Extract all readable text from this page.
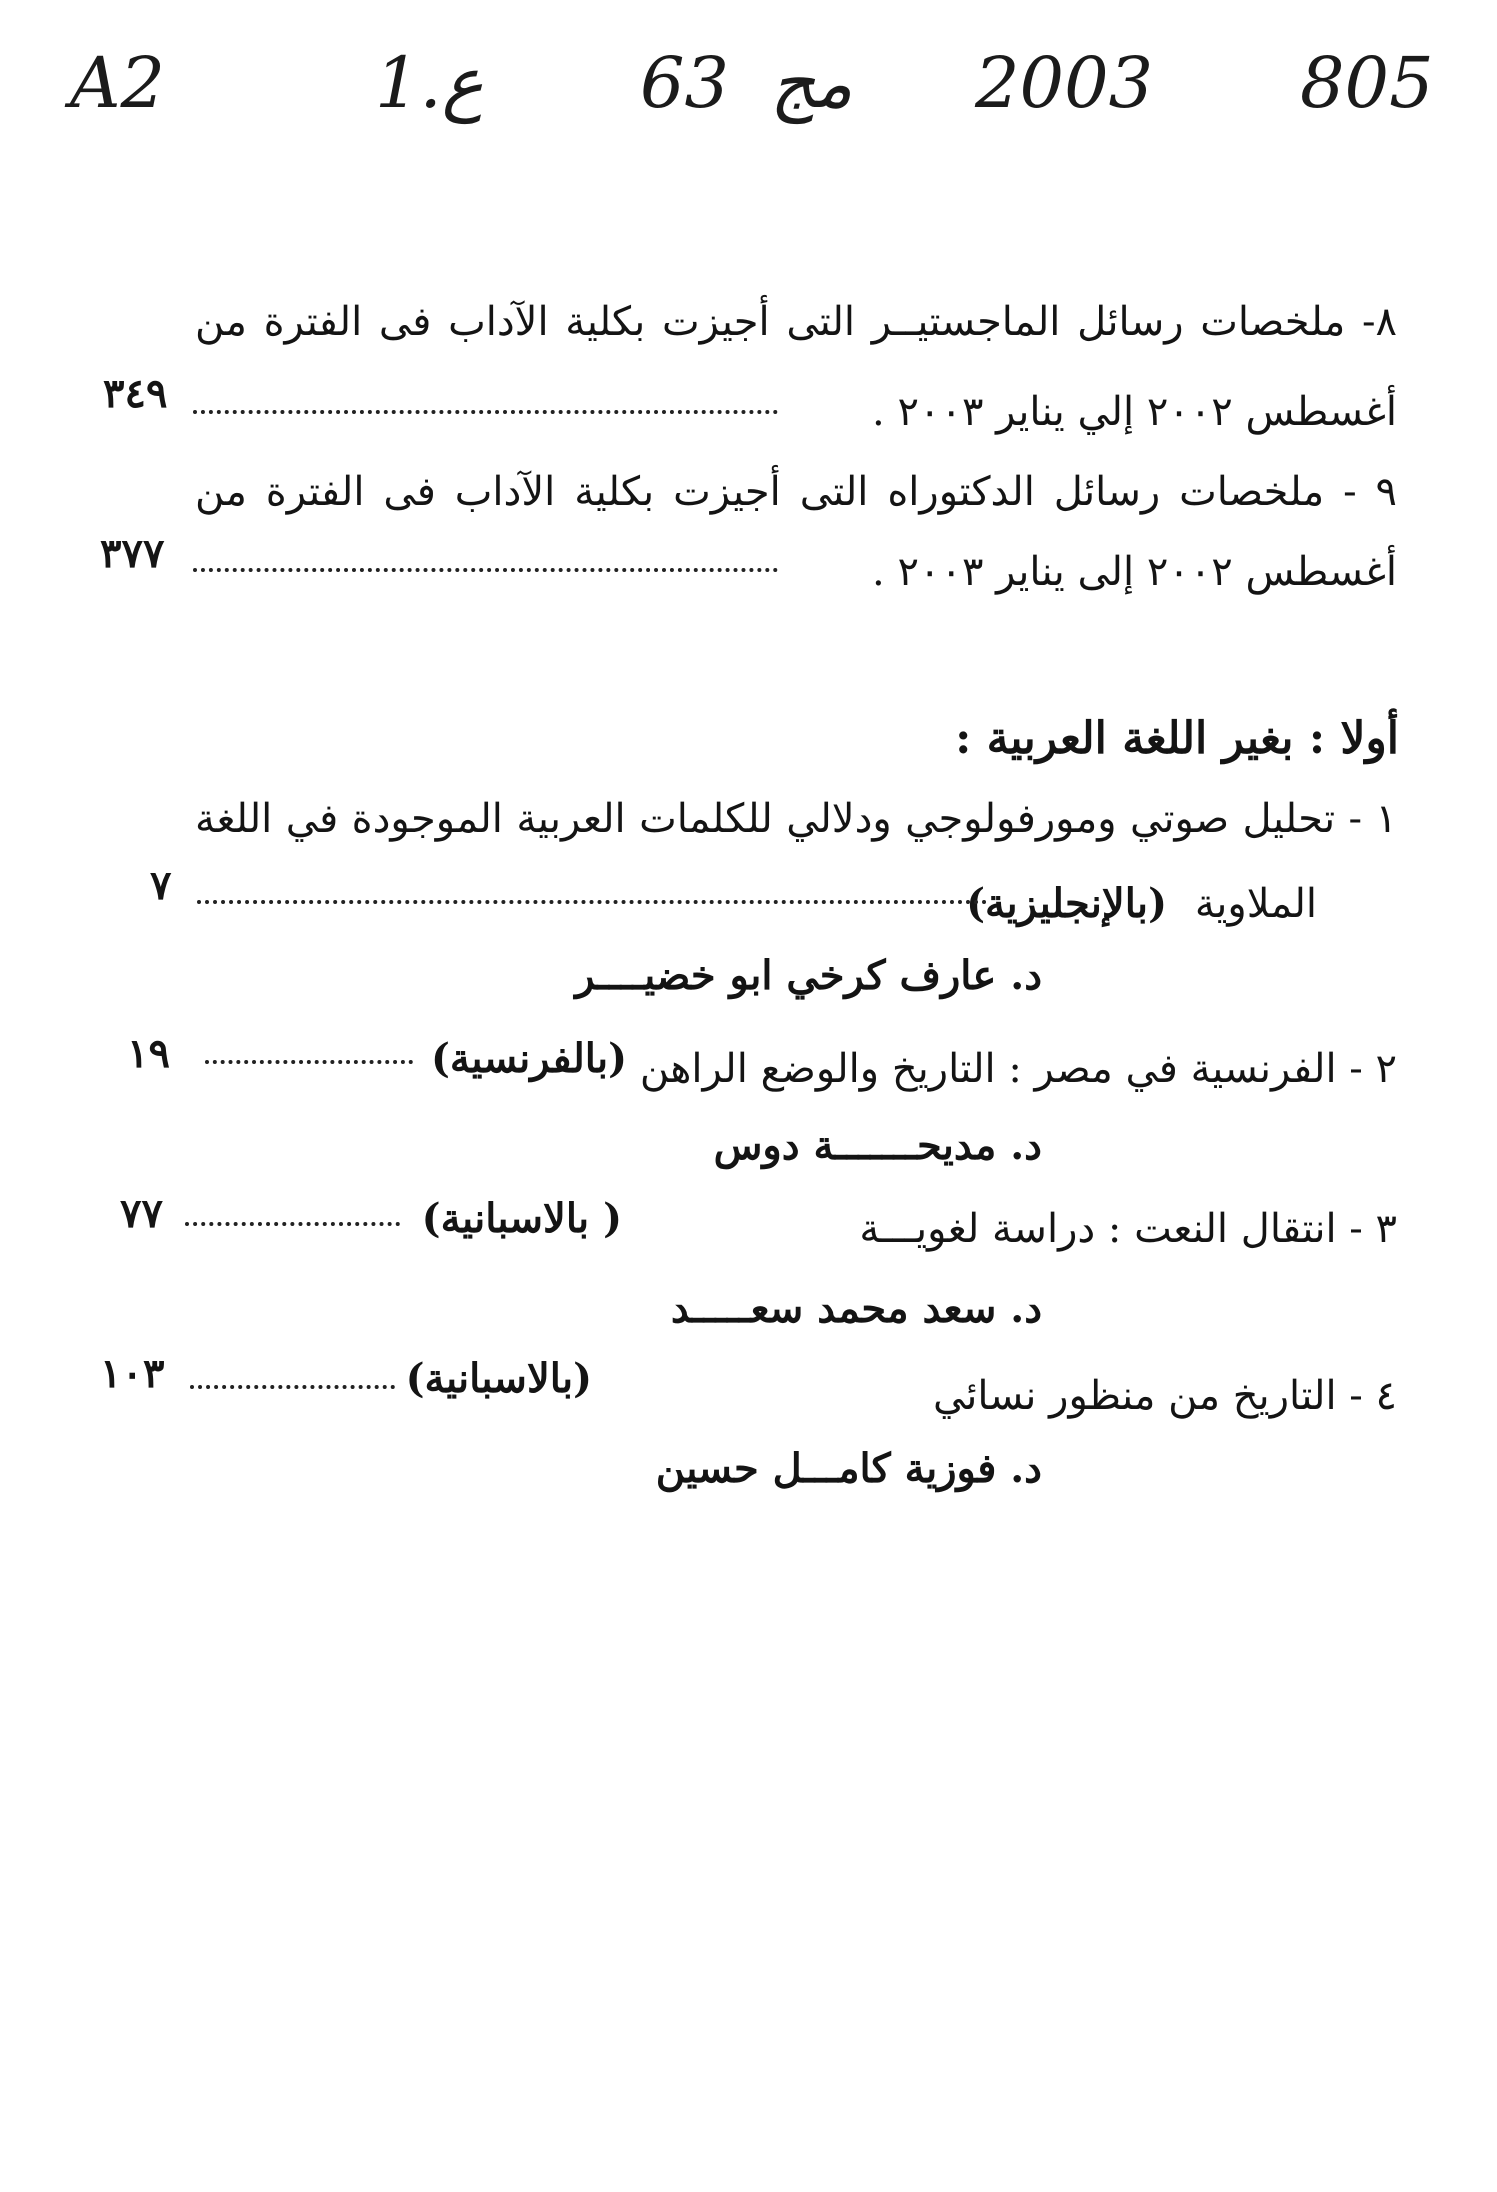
A2	1.ع 63 مج 2003 805
٨- ملخصات رسائل الماجستيــر التى أجيزت بكلية الآداب فى الفترة من
أغسطس ٢٠٠٢ إلي يناير ٢٠٠٣ .
٣٤٩
٩ - ملخصات رسائل الدكتوراه التى أجيزت بكلية الآداب فى الفترة من
أغسطس ٢٠٠٢ إلى يناير ٢٠٠٣ .
٣٧٧
أولا : بغير اللغة العربية :
١ - تحليل صوتي ومورفولوجي ودلالي للكلمات العربية الموجودة في اللغة
الملاوية
(بالإنجليزية)
٧
د. عارف كرخي ابو خضيــــر
٢ - الفرنسية في مصر : التاريخ والوضع الراهن
(بالفرنسية)
١٩
د. مديحـــــــة دوس
٣ - انتقال النعت : دراسة لغويـــة
( بالاسبانية)
٧٧
د. سعد محمد سعـــــد
٤ - التاريخ من منظور نسائي
(بالاسبانية)
١٠٣
د. فوزية كامـــل حسين
